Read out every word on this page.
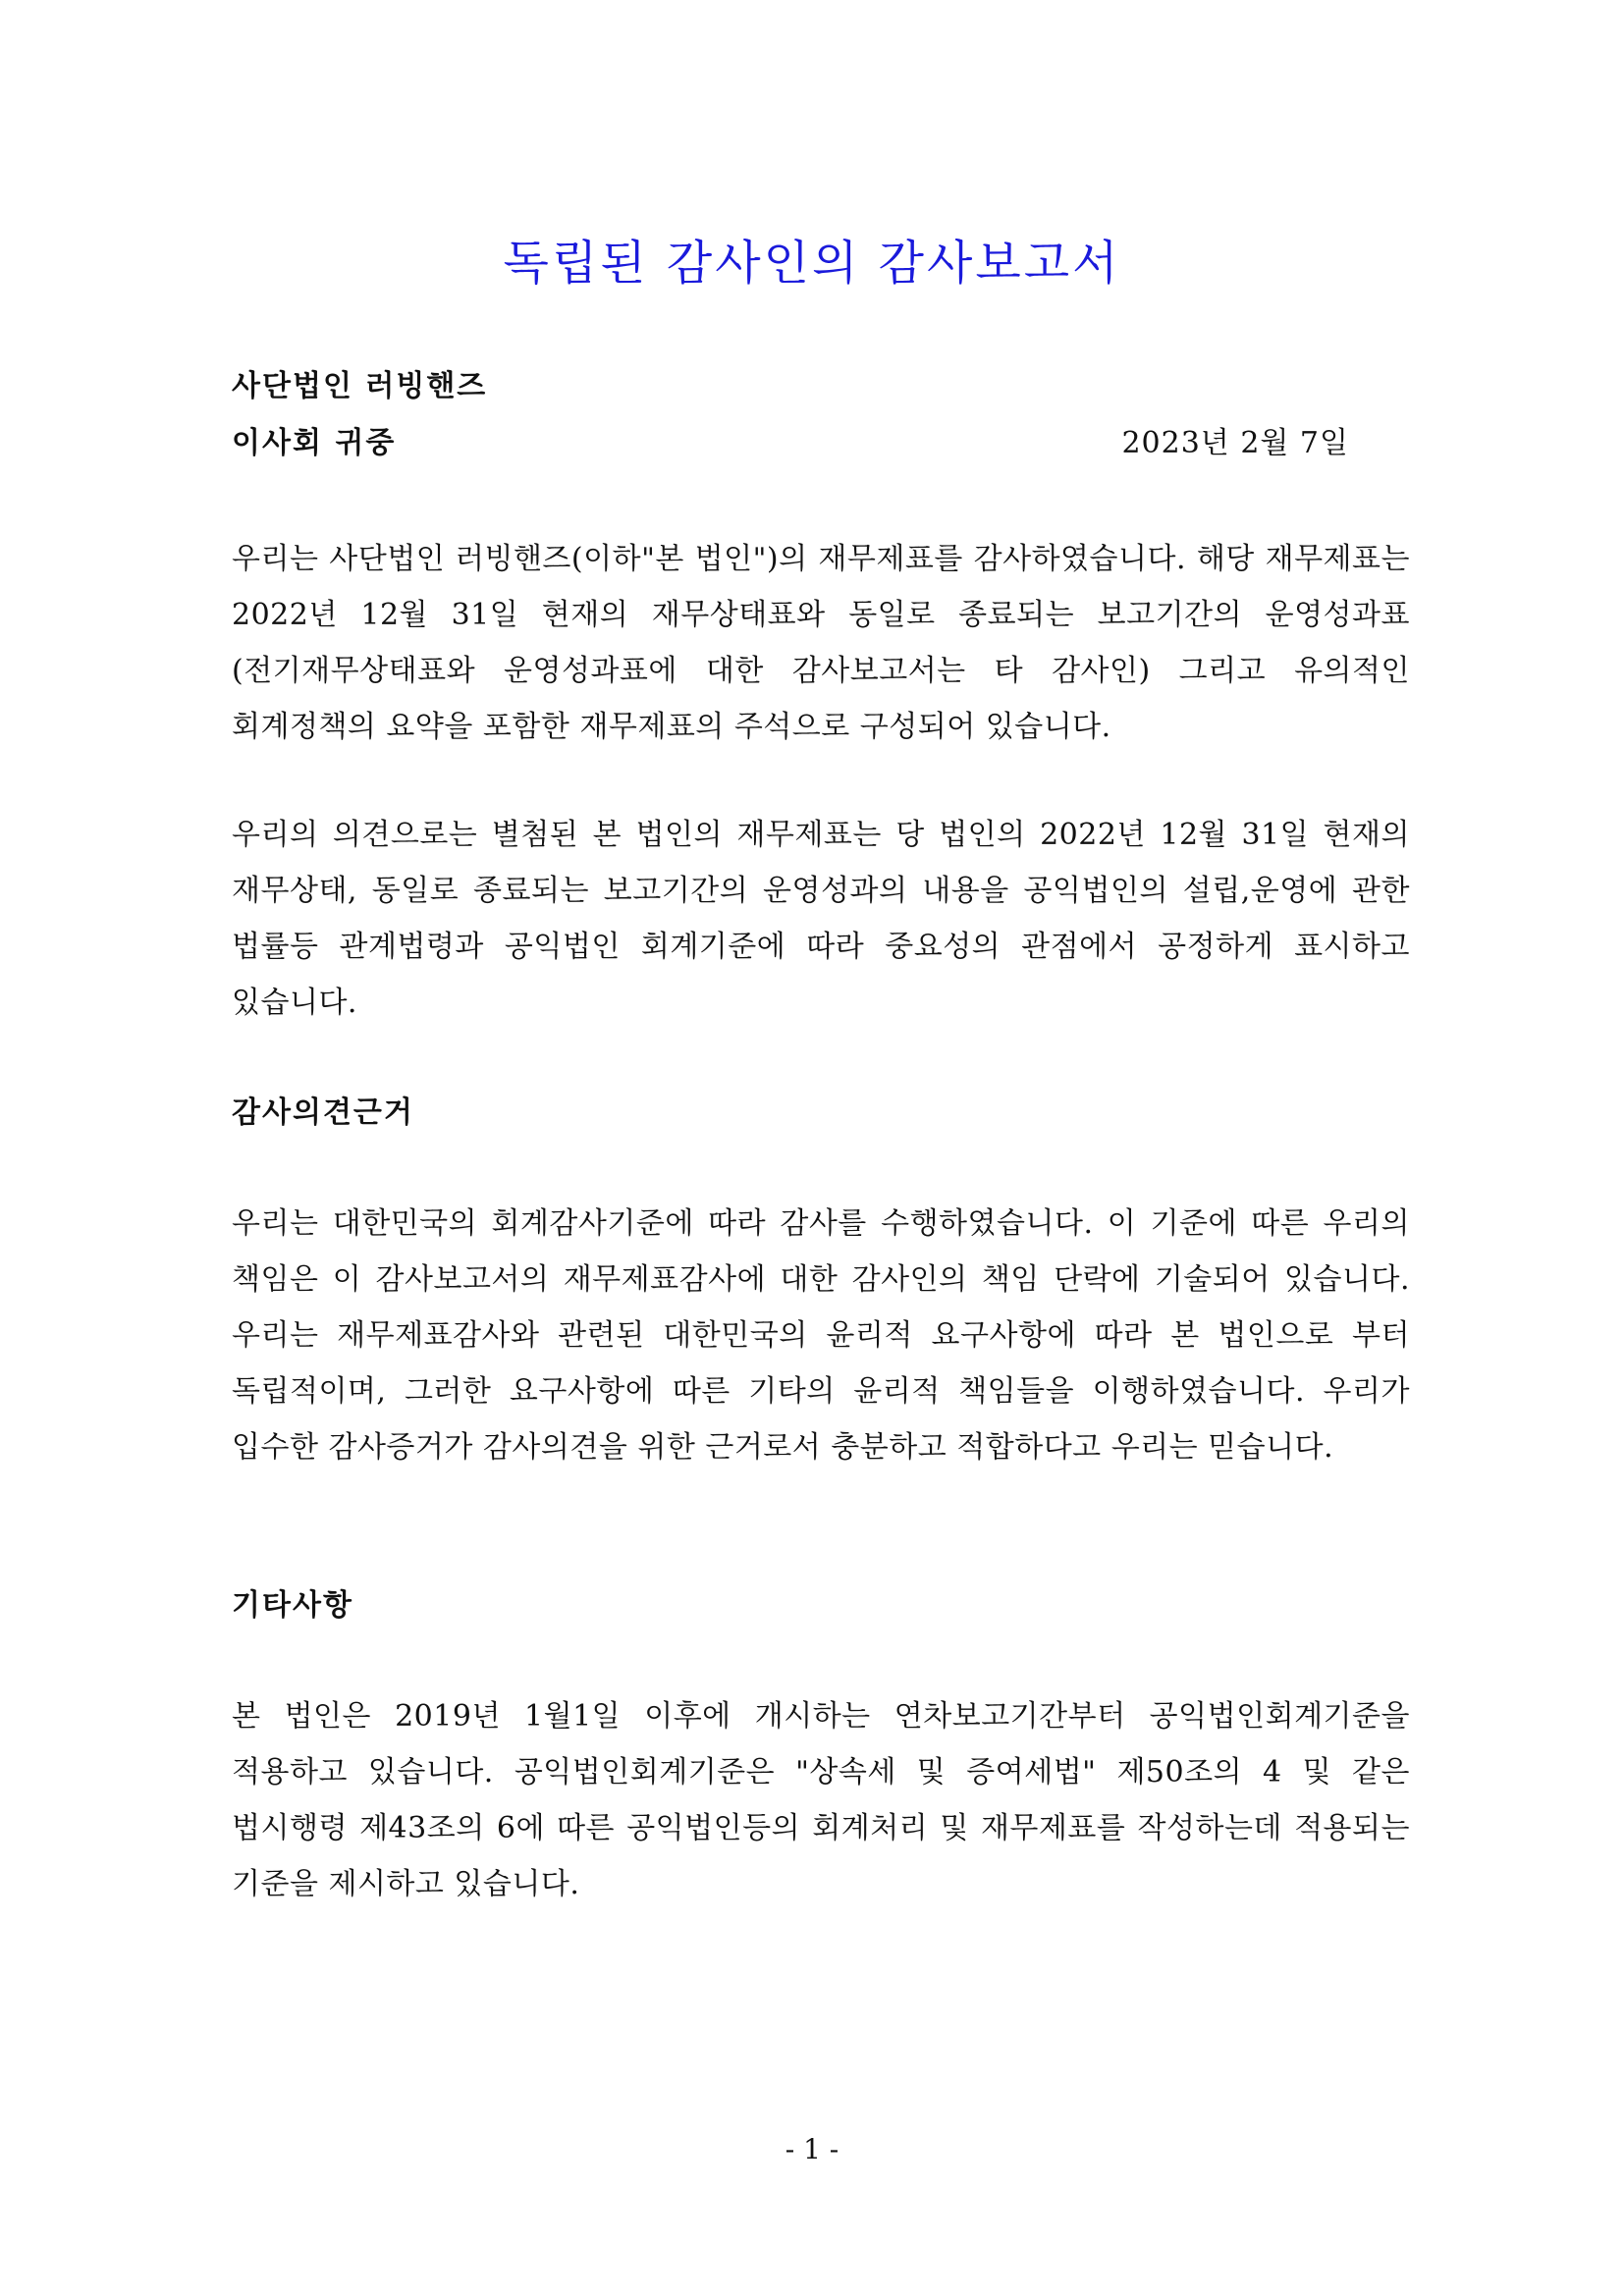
독립된 감사인의 감사보고서
사단법인 러빙핸즈
이사회 귀중	2023년 2월 7일
우리는 사단법인 러빙핸즈(이하"본 법인")의 재무제표를 감사하였습니다. 해당 재무제표는 2022년 12월 31일 현재의 재무상태표와 동일로 종료되는 보고기간의 운영성과표 (전기재무상태표와 운영성과표에 대한 감사보고서는 타 감사인) 그리고 유의적인 회계정책의 요약을 포함한 재무제표의 주석으로 구성되어 있습니다.
우리의 의견으로는 별첨된 본 법인의 재무제표는 당 법인의 2022년 12월 31일 현재의 재무상태, 동일로 종료되는 보고기간의 운영성과의 내용을 공익법인의 설립,운영에 관한 법률등 관계법령과 공익법인 회계기준에 따라 중요성의 관점에서 공정하게 표시하고 있습니다.
감사의견근거
우리는 대한민국의 회계감사기준에 따라 감사를 수행하였습니다. 이 기준에 따른 우리의 책임은 이 감사보고서의 재무제표감사에 대한 감사인의 책임 단락에 기술되어 있습니다. 우리는 재무제표감사와 관련된 대한민국의 윤리적 요구사항에 따라 본 법인으로 부터 독립적이며, 그러한 요구사항에 따른 기타의 윤리적 책임들을 이행하였습니다. 우리가 입수한 감사증거가 감사의견을 위한 근거로서 충분하고 적합하다고 우리는 믿습니다.
기타사항
본 법인은 2019년 1월1일 이후에 개시하는 연차보고기간부터 공익법인회계기준을 적용하고 있습니다. 공익법인회계기준은 "상속세 및 증여세법" 제50조의 4 및 같은 법시행령 제43조의 6에 따른 공익법인등의 회계처리 및 재무제표를 작성하는데 적용되는 기준을 제시하고 있습니다.
- 1 -
